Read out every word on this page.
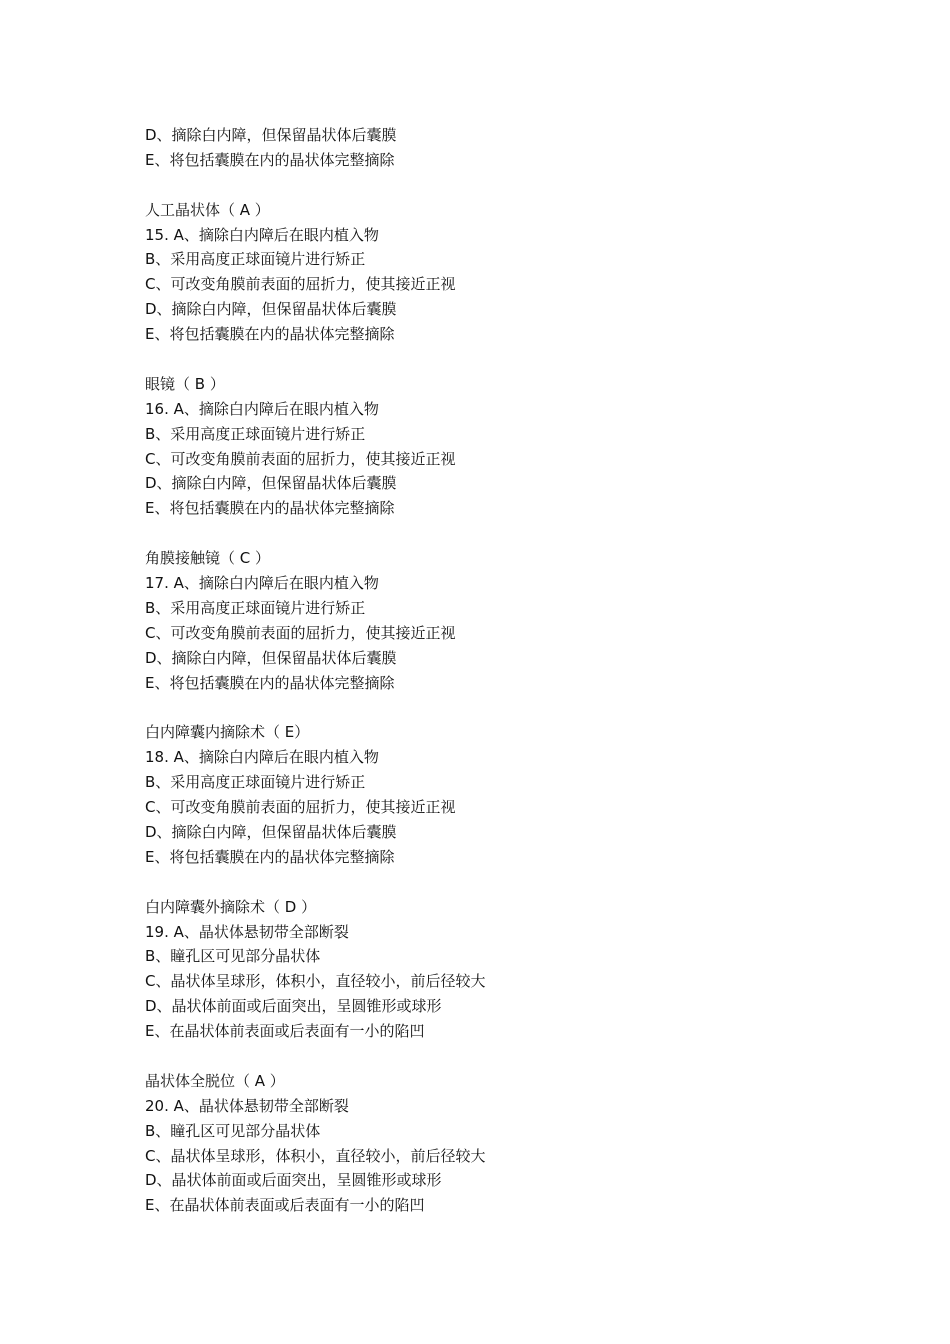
D、摘除白内障，但保留晶状体后囊膜
E、将包括囊膜在内的晶状体完整摘除
人工晶状体（ A ）
15. A、摘除白内障后在眼内植入物
B、采用高度正球面镜片进行矫正
C、可改变角膜前表面的屈折力，使其接近正视
D、摘除白内障，但保留晶状体后囊膜
E、将包括囊膜在内的晶状体完整摘除
眼镜（ B ）
16. A、摘除白内障后在眼内植入物
B、采用高度正球面镜片进行矫正
C、可改变角膜前表面的屈折力，使其接近正视
D、摘除白内障，但保留晶状体后囊膜
E、将包括囊膜在内的晶状体完整摘除
角膜接触镜（ C ）
17. A、摘除白内障后在眼内植入物
B、采用高度正球面镜片进行矫正
C、可改变角膜前表面的屈折力，使其接近正视
D、摘除白内障，但保留晶状体后囊膜
E、将包括囊膜在内的晶状体完整摘除
白内障囊内摘除术（ E）
18. A、摘除白内障后在眼内植入物
B、采用高度正球面镜片进行矫正
C、可改变角膜前表面的屈折力，使其接近正视
D、摘除白内障，但保留晶状体后囊膜
E、将包括囊膜在内的晶状体完整摘除
白内障囊外摘除术（ D ）
19. A、晶状体悬韧带全部断裂
B、瞳孔区可见部分晶状体
C、晶状体呈球形，体积小，直径较小，前后径较大
D、晶状体前面或后面突出，呈圆锥形或球形
E、在晶状体前表面或后表面有一小的陷凹
晶状体全脱位（ A ）
20. A、晶状体悬韧带全部断裂
B、瞳孔区可见部分晶状体
C、晶状体呈球形，体积小，直径较小，前后径较大
D、晶状体前面或后面突出，呈圆锥形或球形
E、在晶状体前表面或后表面有一小的陷凹
